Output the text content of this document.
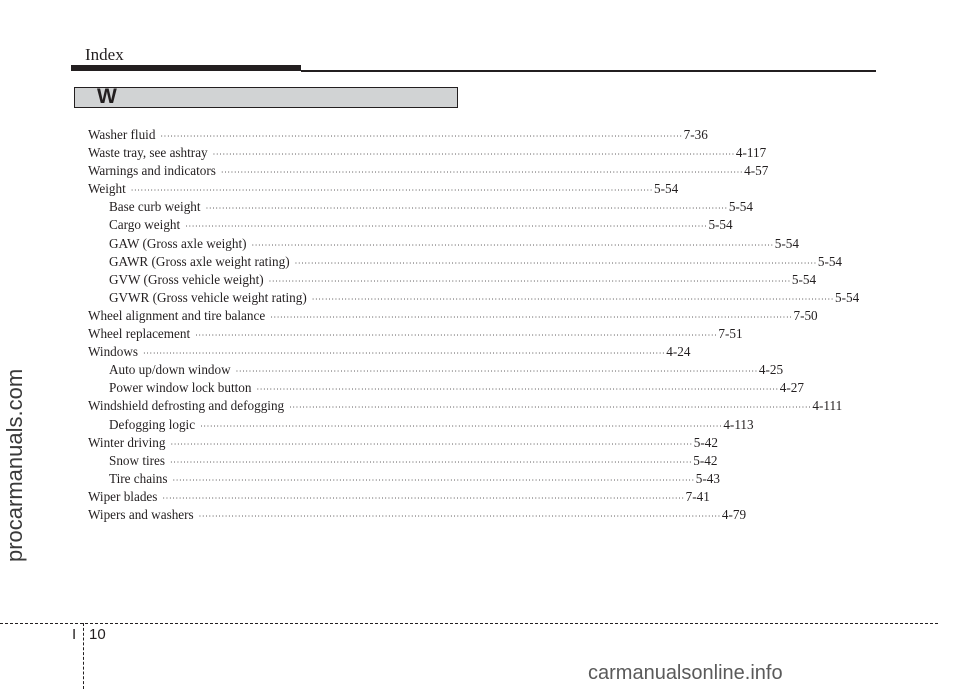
Index
W
Washer fluid ································································································································································ 7-36
Waste tray, see ashtray ································································································································································ 4-117
Warnings and indicators ································································································································································ 4-57
Weight ································································································································································ 5-54
Base curb weight ································································································································································ 5-54
Cargo weight ································································································································································ 5-54
GAW (Gross axle weight) ································································································································································ 5-54
GAWR (Gross axle weight rating) ································································································································································ 5-54
GVW (Gross vehicle weight) ································································································································································ 5-54
GVWR (Gross vehicle weight rating) ································································································································································ 5-54
Wheel alignment and tire balance ································································································································································ 7-50
Wheel replacement ································································································································································ 7-51
Windows ································································································································································ 4-24
Auto up/down window ································································································································································ 4-25
Power window lock button ································································································································································ 4-27
Windshield defrosting and defogging ································································································································································ 4-111
Defogging logic ································································································································································ 4-113
Winter driving ································································································································································ 5-42
Snow tires ································································································································································ 5-42
Tire chains ································································································································································ 5-43
Wiper blades ································································································································································ 7-41
Wipers and washers ································································································································································ 4-79
I 10
procarmanuals.com
carmanualsonline.info
